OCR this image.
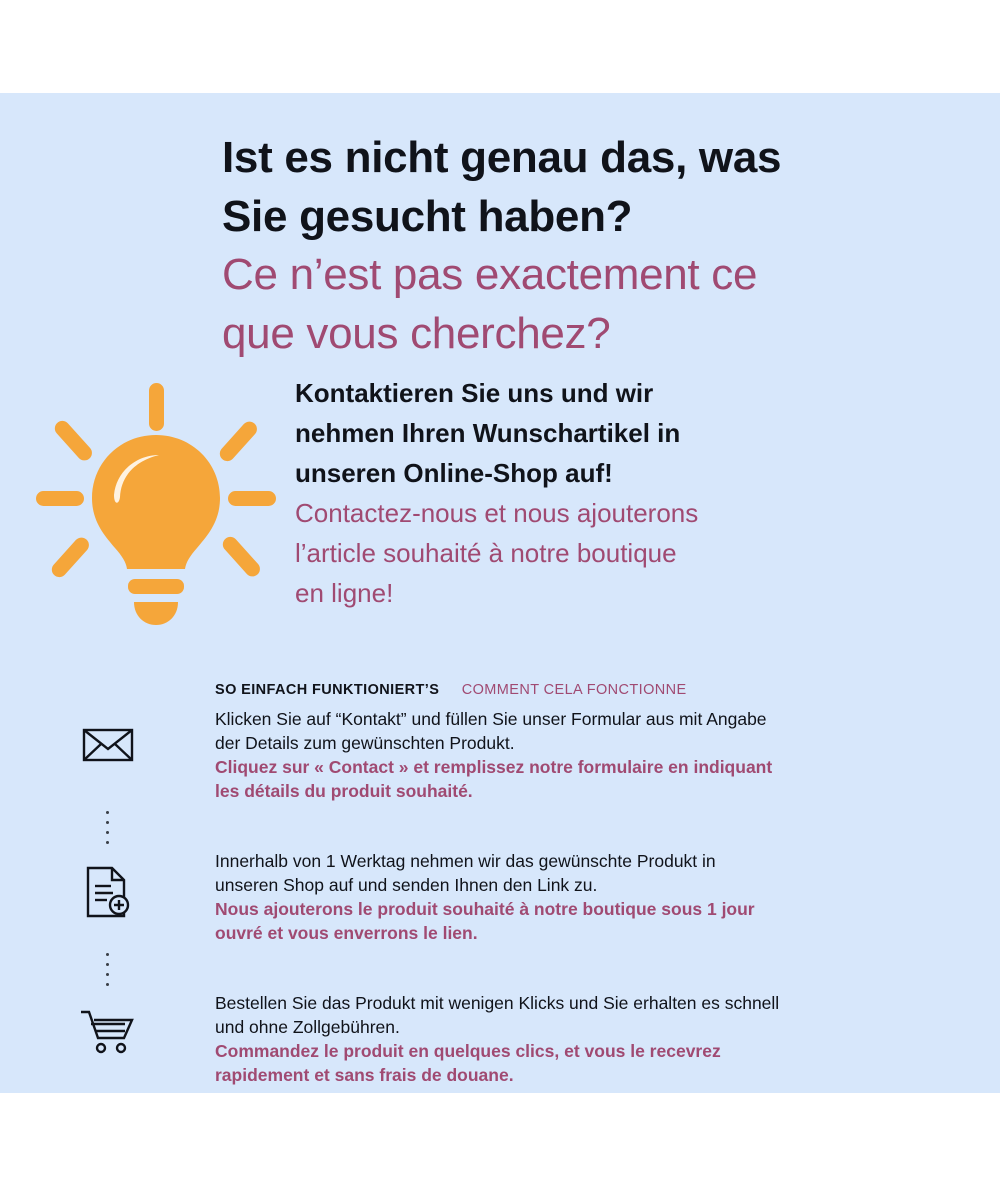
Ist es nicht genau das, was
Sie gesucht haben?
Ce n’est pas exactement ce
que vous cherchez?

Kontaktieren Sie uns und wir

nehmen Ihren Wunschartikel in

unseren Online-Shop auf!

Contactez-nous et nous ajouterons

l’article souhaité à notre boutique

en ligne!

SO EINFACH FUNKTIONIERT’S COMMENT CELA FONCTIONNE

Klicken Sie auf “Kontakt” und füllen Sie unser Formular aus mit Angabe

der Details zum gewünschten Produkt.

Cliquez sur « Contact » et remplissez notre formulaire en indiquant

les détails du produit souhaité.

Innerhalb von 1 Werktag nehmen wir das gewünschte Produkt in

unseren Shop auf und senden Ihnen den Link zu.

Nous ajouterons le produit souhaité à notre boutique sous 1 jour

ouvré et vous enverrons le lien.

Bestellen Sie das Produkt mit wenigen Klicks und Sie erhalten es schnell

und ohne Zollgebühren.

Commandez le produit en quelques clics, et vous le recevrez

rapidement et sans frais de douane.
